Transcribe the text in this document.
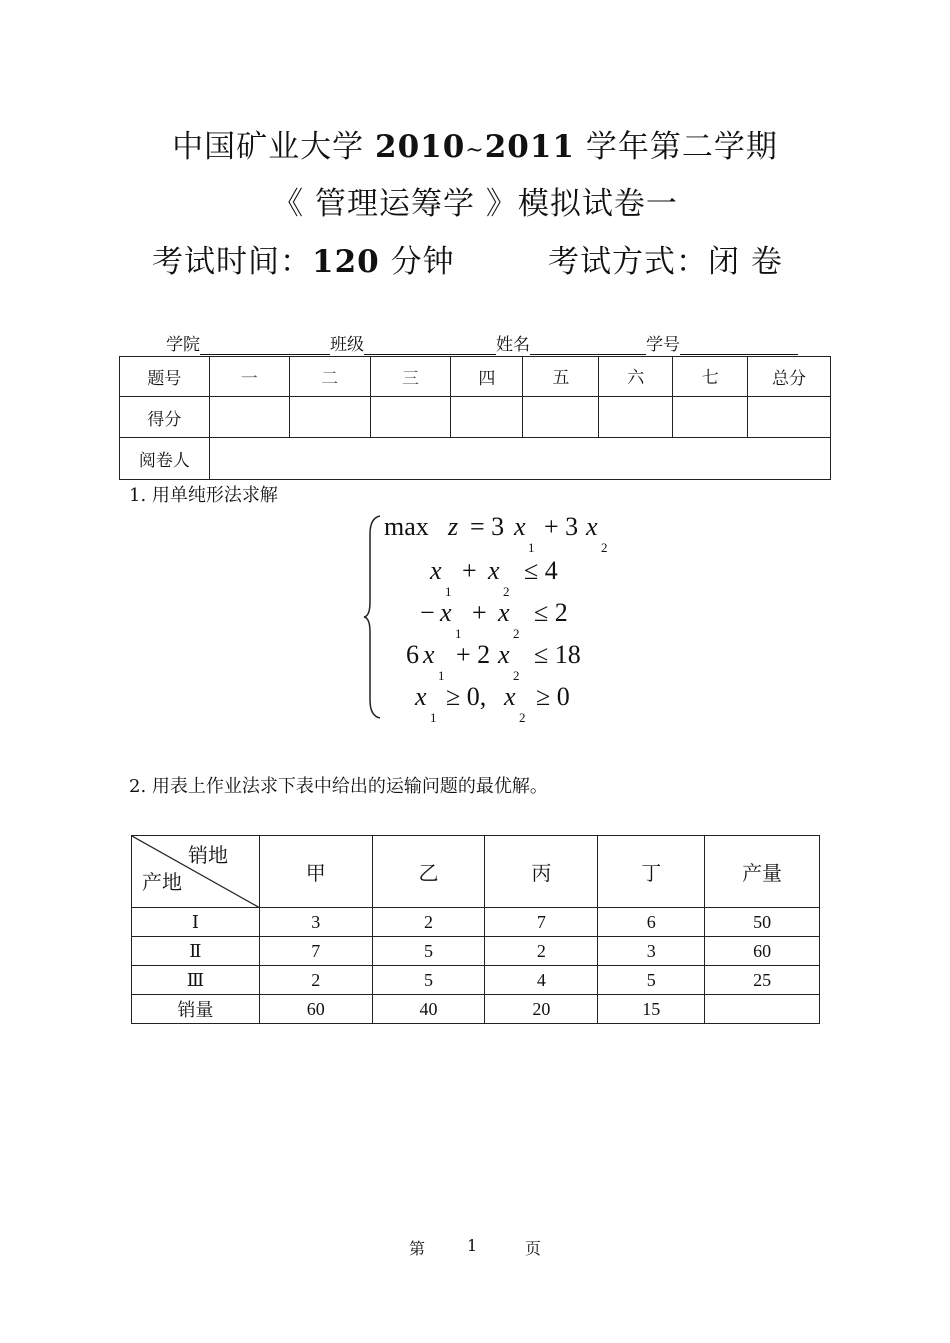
中国矿业大学 2010~2011 学年第二学期
《 管理运筹学 》模拟试卷一
考试时间：120 分钟	考试方式：闭 卷
学院	班级	姓名	学号
题号	一	二	三	四	五	六	七	总分
得分								
阅卷人								
1. 用单纯形法求解
max z = 3 x
1
+ 3 x
2
x
1
+ x
2
≤ 4
− x
1
+ x
2
≤ 2
6 x
1
+ 2 x
2
≤ 18
x
1
≥ 0, x
2
≥ 0
2. 用表上作业法求下表中给出的运输问题的最优解。
销地
产地	甲	乙	丙	丁	产量
Ⅰ	3	2	7	6	50
Ⅱ	7	5	2	3	60
Ⅲ	2	5	4	5	25
销量	60	40	20	15	
第	1	页
